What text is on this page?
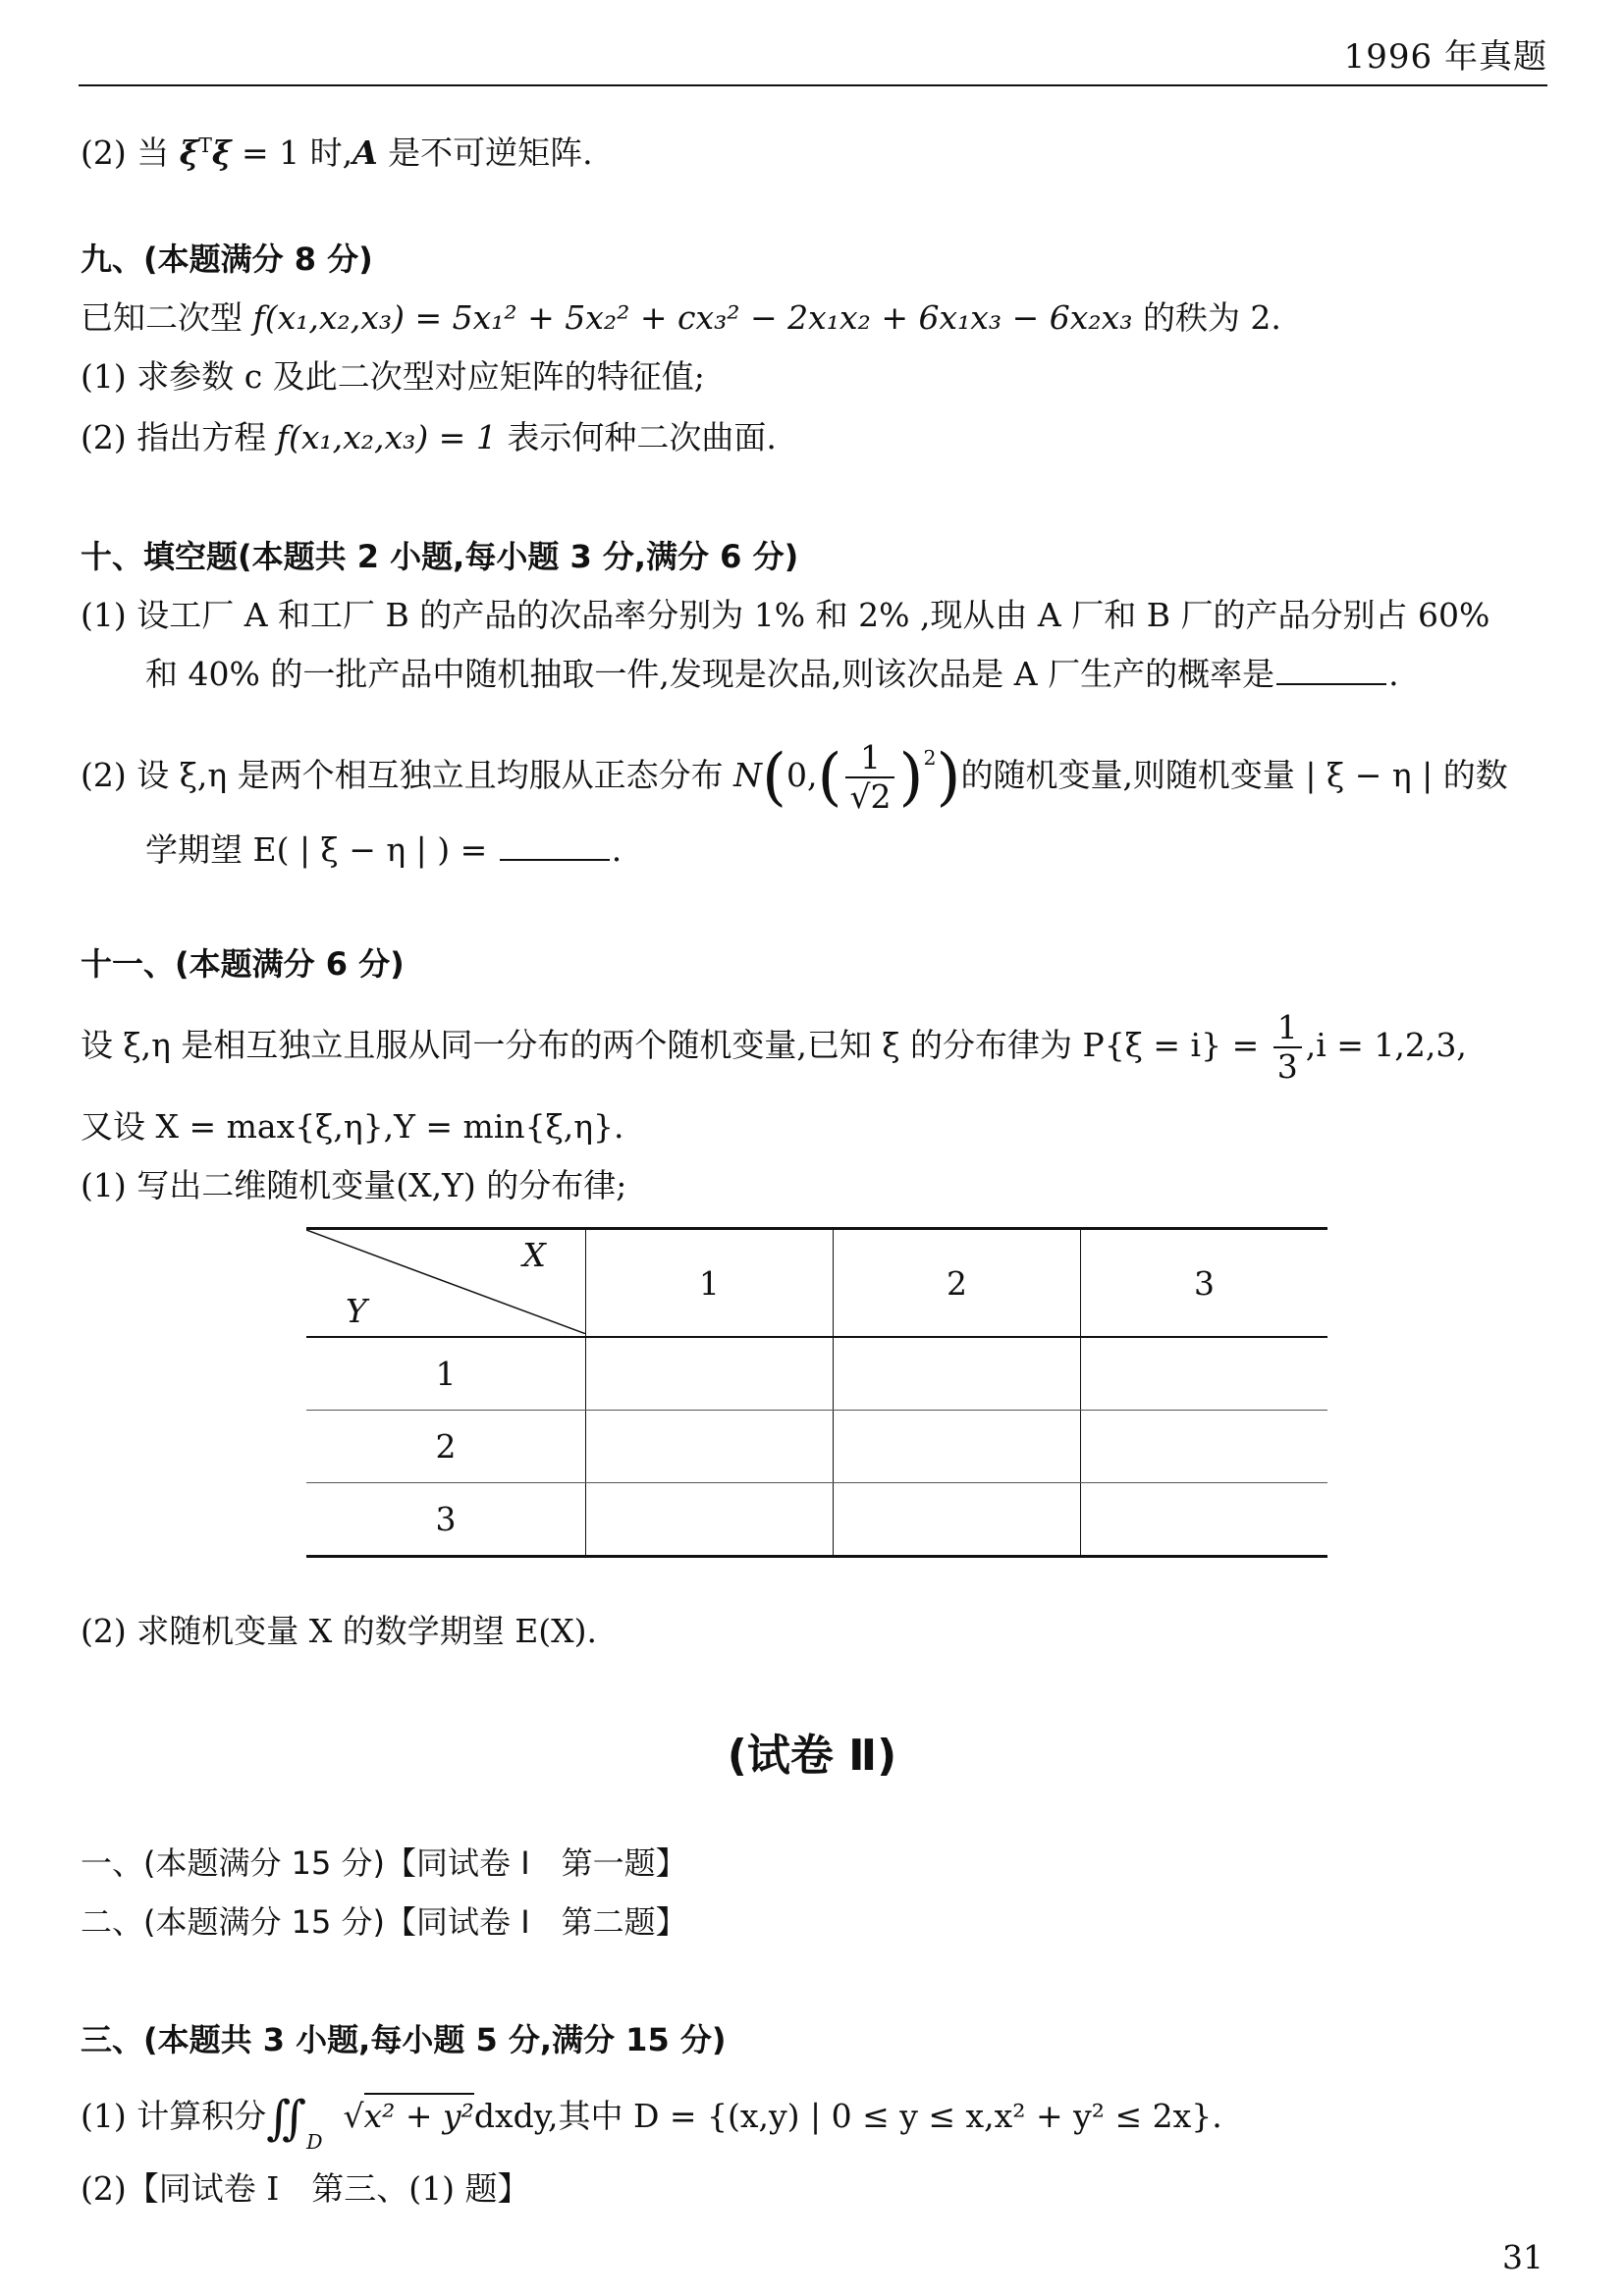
1996 年真题
(2) 当 $\xi^T\xi = 1$ 时,A 是不可逆矩阵.
九、(本题满分 8 分)
已知二次型 f(x₁,x₂,x₃) = 5x₁² + 5x₂² + cx₃² − 2x₁x₂ + 6x₁x₃ − 6x₂x₃ 的秩为 2.
(1) 求参数 c 及此二次型对应矩阵的特征值;
(2) 指出方程 f(x₁,x₂,x₃) = 1 表示何种二次曲面.
十、填空题(本题共 2 小题,每小题 3 分,满分 6 分)
(1) 设工厂 A 和工厂 B 的产品的次品率分别为 1% 和 2% ,现从由 A 厂和 B 厂的产品分别占 60%
和 40% 的一批产品中随机抽取一件,发现是次品,则该次品是 A 厂生产的概率是	.
(2) 设 ξ,η 是两个相互独立且均服从正态分布 $N(0,( \frac{1}{√2} )^2)$的随机变量,则随机变量 | ξ − η | 的数
学期望 E( | ξ − η | ) =	.
十一、(本题满分 6 分)
设 ξ,η 是相互独立且服从同一分布的两个随机变量,已知 ξ 的分布律为 $P\{\xi = i\} = \frac{1}{3} ,i = 1,2,3$,
又设 X = max{ξ,η},Y = min{ξ,η}.
(1) 写出二维随机变量(X,Y) 的分布律;
X
Y	1	2	3
1			
2			
3			
(2) 求随机变量 X 的数学期望 E(X).
(试卷 Ⅱ)
一、(本题满分 15 分)【同试卷 Ⅰ　第一题】
二、(本题满分 15 分)【同试卷 Ⅰ　第二题】
三、(本题共 3 小题,每小题 5 分,满分 15 分)
(1) 计算积分$∬_D$  √x² + y²dxdy,其中 D = {(x,y) | 0 ≤ y ≤ x,x² + y² ≤ 2x}.
(2)【同试卷 Ⅰ　第三、(1) 题】
31
